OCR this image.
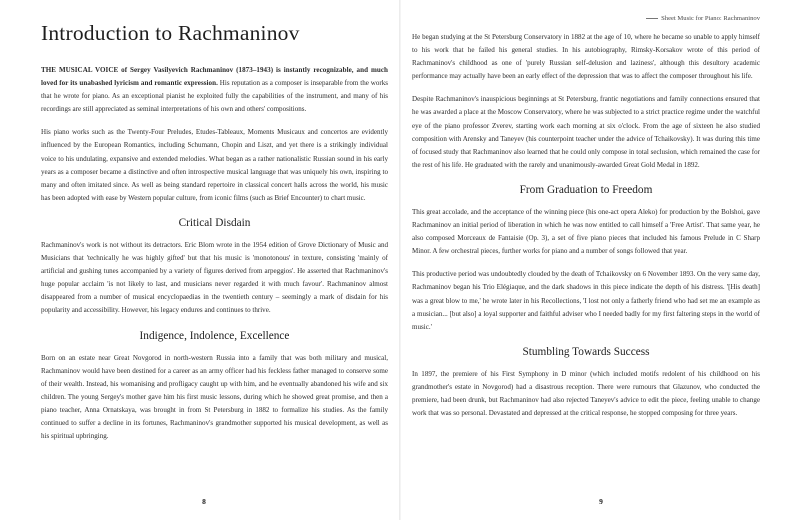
Introduction to Rachmaninov

THE MUSICAL VOICE of Sergey Vasilyevich Rachmaninov (1873–1943) is instantly recognizable, and much loved for its unabashed lyricism and romantic expression. His reputation as a composer is inseparable from the works that he wrote for piano. As an exceptional pianist he exploited fully the capabilities of the instrument, and many of his recordings are still appreciated as seminal interpretations of his own and others' compositions.

His piano works such as the Twenty-Four Preludes, Etudes-Tableaux, Moments Musicaux and concertos are evidently influenced by the European Romantics, including Schumann, Chopin and Liszt, and yet there is a strikingly individual voice to his undulating, expansive and extended melodies. What began as a rather nationalistic Russian sound in his early years as a composer became a distinctive and often introspective musical language that was uniquely his own, inspiring to many and often imitated since. As well as being standard repertoire in classical concert halls across the world, his music has been adopted with ease by Western popular culture, from iconic films (such as Brief Encounter) to chart music.

Critical Disdain

Rachmaninov's work is not without its detractors. Eric Blom wrote in the 1954 edition of Grove Dictionary of Music and Musicians that 'technically he was highly gifted' but that his music is 'monotonous' in texture, consisting 'mainly of artificial and gushing tunes accompanied by a variety of figures derived from arpeggios'. He asserted that Rachmaninov's huge popular acclaim 'is not likely to last, and musicians never regarded it with much favour'. Rachmaninov almost disappeared from a number of musical encyclopaedias in the twentieth century – seemingly a mark of disdain for his popularity and accessibility. However, his legacy endures and continues to thrive.

Indigence, Indolence, Excellence

Born on an estate near Great Novgorod in north-western Russia into a family that was both military and musical, Rachmaninov would have been destined for a career as an army officer had his feckless father managed to conserve some of their wealth. Instead, his womanising and profligacy caught up with him, and he eventually abandoned his wife and six children. The young Sergey's mother gave him his first music lessons, during which he showed great promise, and then a piano teacher, Anna Ornatskaya, was brought in from St Petersburg in 1882 to formalize his studies. As the family continued to suffer a decline in its fortunes, Rachmaninov's grandmother supported his musical development, as well as his spiritual upbringing.

Sheet Music for Piano: Rachmaninov

He began studying at the St Petersburg Conservatory in 1882 at the age of 10, where he became so unable to apply himself to his work that he failed his general studies. In his autobiography, Rimsky-Korsakov wrote of this period of Rachmaninov's childhood as one of 'purely Russian self-delusion and laziness', although this desultory academic performance may actually have been an early effect of the depression that was to affect the composer throughout his life.

Despite Rachmaninov's inauspicious beginnings at St Petersburg, frantic negotiations and family connections ensured that he was awarded a place at the Moscow Conservatory, where he was subjected to a strict practice regime under the watchful eye of the piano professor Zverev, starting work each morning at six o'clock. From the age of sixteen he also studied composition with Arensky and Taneyev (his counterpoint teacher under the advice of Tchaikovsky). It was during this time of focused study that Rachmaninov also learned that he could only compose in total seclusion, which remained the case for the rest of his life. He graduated with the rarely and unanimously-awarded Great Gold Medal in 1892.

From Graduation to Freedom

This great accolade, and the acceptance of the winning piece (his one-act opera Aleko) for production by the Bolshoi, gave Rachmaninov an initial period of liberation in which he was now entitled to call himself a 'Free Artist'. That same year, he also composed Morceaux de Fantaisie (Op. 3), a set of five piano pieces that included his famous Prelude in C Sharp Minor. A few orchestral pieces, further works for piano and a number of songs followed that year.

This productive period was undoubtedly clouded by the death of Tchaikovsky on 6 November 1893. On the very same day, Rachmaninov began his Trio Elégiaque, and the dark shadows in this piece indicate the depth of his distress. '[His death] was a great blow to me,' he wrote later in his Recollections, 'I lost not only a fatherly friend who had set me an example as a musician... [but also] a loyal supporter and faithful adviser who I needed badly for my first faltering steps in the world of music.'

Stumbling Towards Success

In 1897, the premiere of his First Symphony in D minor (which included motifs redolent of his childhood on his grandmother's estate in Novgorod) had a disastrous reception. There were rumours that Glazunov, who conducted the premiere, had been drunk, but Rachmaninov had also rejected Taneyev's advice to edit the piece, feeling unable to change work that was so personal. Devastated and depressed at the critical response, he stopped composing for three years.

8	9
